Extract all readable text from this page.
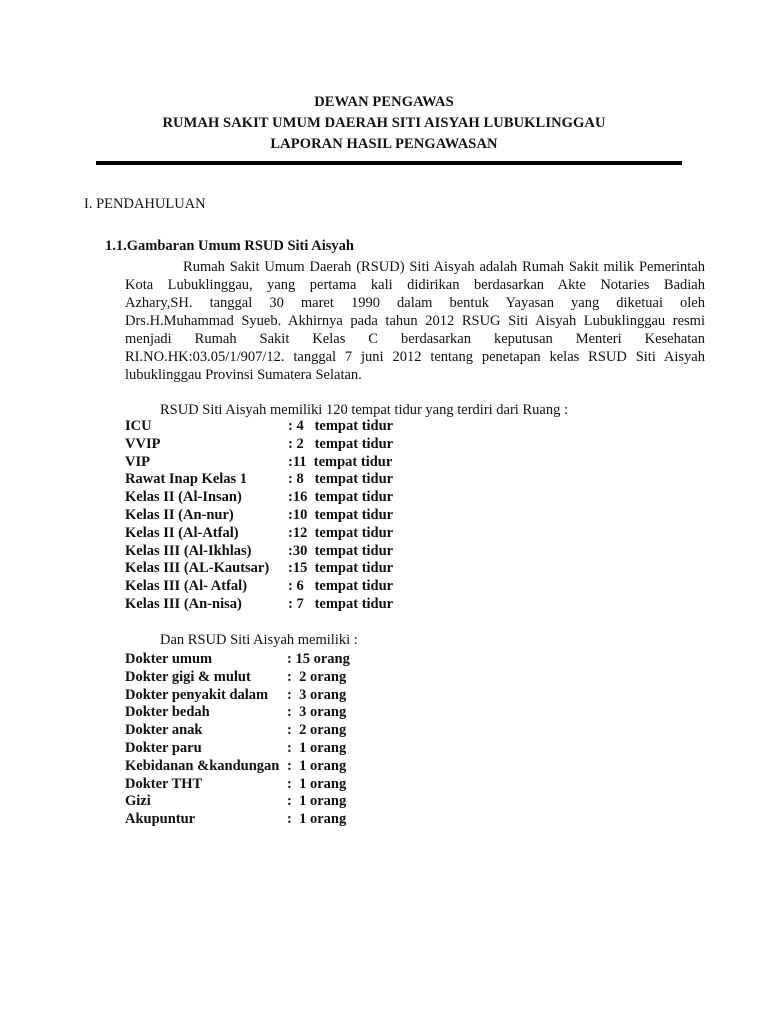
DEWAN PENGAWAS
RUMAH SAKIT UMUM DAERAH SITI AISYAH LUBUKLINGGAU
LAPORAN HASIL PENGAWASAN
I. PENDAHULUAN
1.1.Gambaran Umum RSUD Siti Aisyah
Rumah Sakit Umum Daerah (RSUD) Siti Aisyah adalah Rumah Sakit milik Pemerintah
Kota Lubuklinggau, yang pertama kali didirikan berdasarkan Akte Notaries Badiah
Azhary,SH. tanggal 30 maret 1990 dalam bentuk Yayasan yang diketuai oleh
Drs.H.Muhammad Syueb. Akhirnya pada tahun 2012 RSUG Siti Aisyah Lubuklinggau resmi
menjadi Rumah Sakit Kelas C berdasarkan keputusan Menteri Kesehatan
RI.NO.HK:03.05/1/907/12. tanggal 7 juni 2012 tentang penetapan kelas RSUD Siti Aisyah
lubuklinggau Provinsi Sumatera Selatan.
RSUD Siti Aisyah memiliki 120 tempat tidur yang terdiri dari Ruang :
ICU	: 4   tempat tidur
VVIP	: 2   tempat tidur
VIP	:11  tempat tidur
Rawat Inap Kelas 1	: 8   tempat tidur
Kelas II (Al-Insan)	:16  tempat tidur
Kelas II (An-nur)	:10  tempat tidur
Kelas II (Al-Atfal)	:12  tempat tidur
Kelas III (Al-Ikhlas)	:30  tempat tidur
Kelas III (AL-Kautsar) :15  tempat tidur
Kelas III (Al- Atfal)	: 6   tempat tidur
Kelas III (An-nisa)	: 7   tempat tidur
Dan RSUD Siti Aisyah memiliki :
Dokter umum	: 15 orang
Dokter gigi & mulut :  2 orang
Dokter penyakit dalam :  3 orang
Dokter bedah	:  3 orang
Dokter anak	:  2 orang
Dokter paru	:  1 orang
Kebidanan &kandungan :  1 orang
Dokter THT	:  1 orang
Gizi	:  1 orang
Akupuntur	:  1 orang
